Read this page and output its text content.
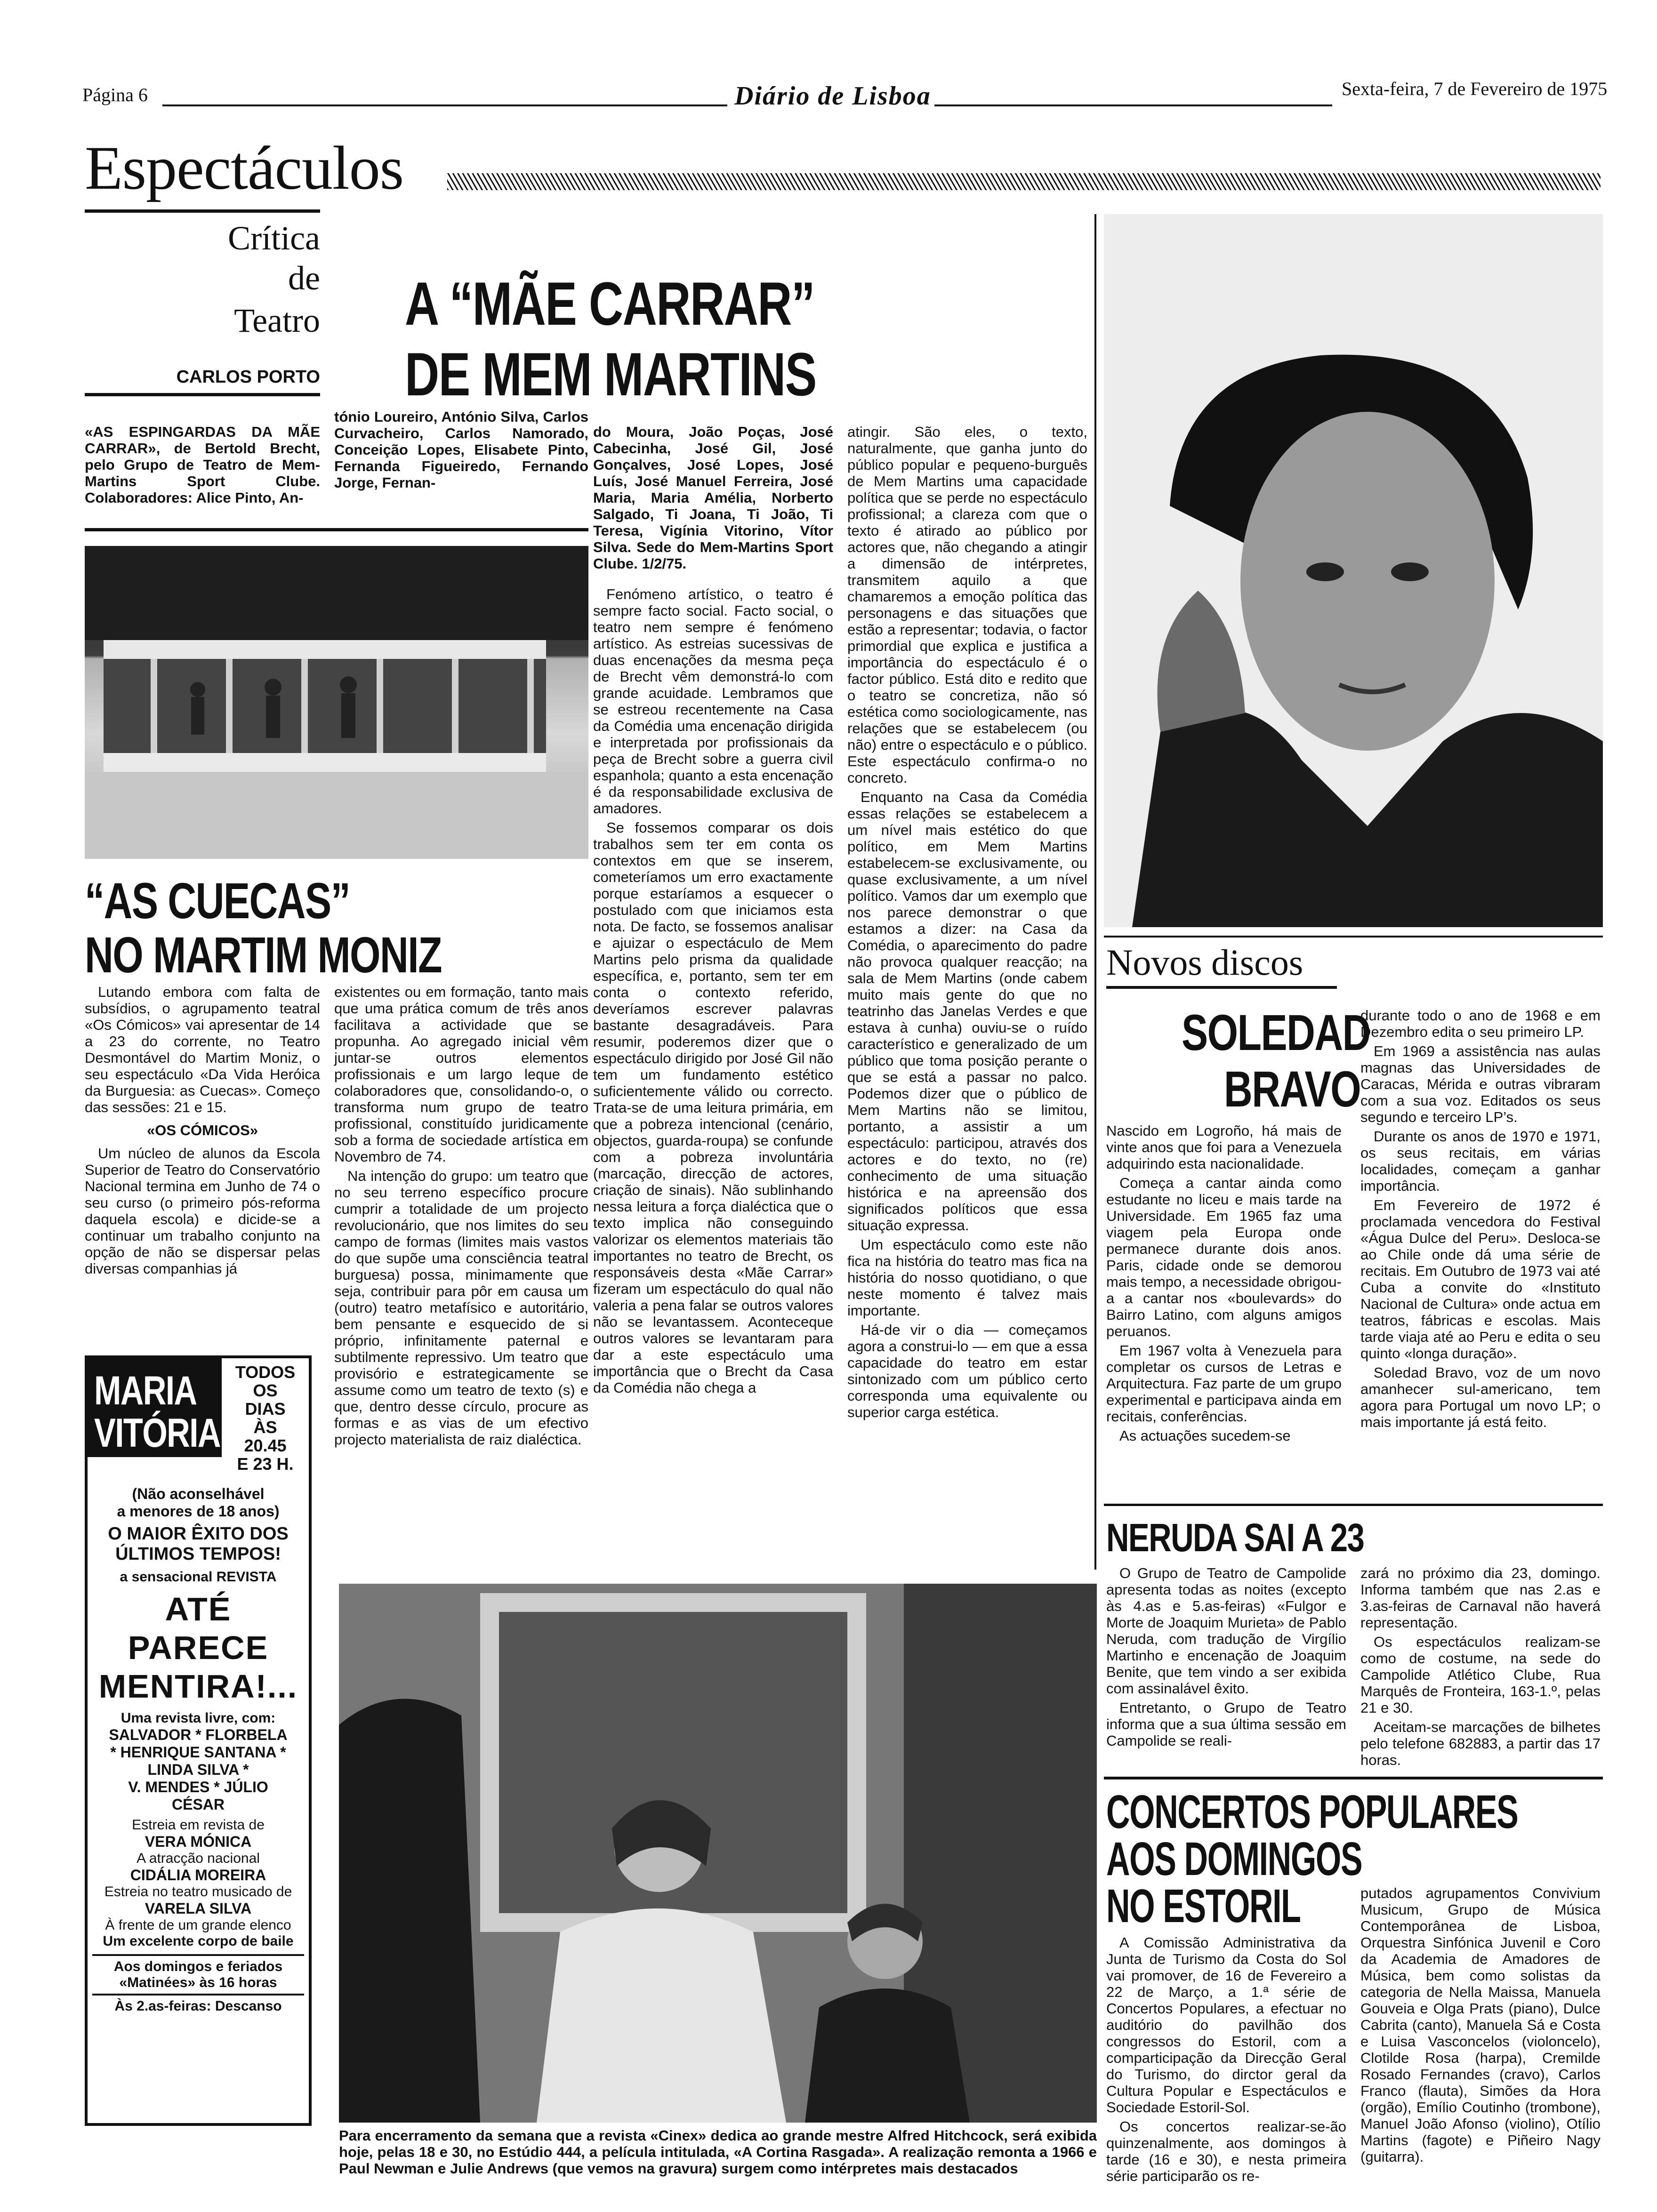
Página 6	Diário de Lisboa	Sexta-feira, 7 de Fevereiro de 1975
Espectáculos
Crítica
de
Teatro
CARLOS PORTO
A “MÃE CARRAR”
DE MEM MARTINS
«AS ESPINGARDAS DA MÃE CARRAR», de Bertold Brecht, pelo Grupo de Teatro de Mem-Martins Sport Clube. Colaboradores: Alice Pinto, An-
tónio Loureiro, António Silva, Carlos Curvacheiro, Carlos Namorado, Conceição Lopes, Elisabete Pinto, Fernanda Figueiredo, Fernando Jorge, Fernan-
“AS CUECAS”
NO MARTIM MONIZ

Lutando embora com falta de subsídios, o agrupamento teatral «Os Cómicos» vai apresentar de 14 a 23 do corrente, no Teatro Desmontável do Martim Moniz, o seu espectáculo «Da Vida Heróica da Burguesia: as Cuecas». Começo das sessões: 21 e 15.

«OS CÓMICOS»

Um núcleo de alunos da Escola Superior de Teatro do Conservatório Nacional termina em Junho de 74 o seu curso (o primeiro pós-reforma daquela escola) e dicide-se a continuar um trabalho conjunto na opção de não se dispersar pelas diversas companhias já

existentes ou em formação, tanto mais que uma prática comum de três anos facilitava a actividade que se propunha. Ao agregado inicial vêm juntar-se outros elementos profissionais e um largo leque de colaboradores que, consolidando-o, o transforma num grupo de teatro profissional, constituído juridicamente sob a forma de sociedade artística em Novembro de 74.

Na intenção do grupo: um teatro que no seu terreno específico procure cumprir a totalidade de um projecto revolucionário, que nos limites do seu campo de formas (limites mais vastos do que supõe uma consciência teatral burguesa) possa, minimamente que seja, contribuir para pôr em causa um (outro) teatro metafísico e autoritário, bem pensante e esquecido de si próprio, infinitamente paternal e subtilmente repressivo. Um teatro que provisório e estrategicamente se assume como um teatro de texto (s) e que, dentro desse círculo, procure as formas e as vias de um efectivo projecto materialista de raiz dialéctica.

do Moura, João Poças, José Cabecinha, José Gil, José Gonçalves, José Lopes, José Luís, José Manuel Ferreira, José Maria, Maria Amélia, Norberto Salgado, Ti Joana, Ti João, Ti Teresa, Vigínia Vitorino, Vítor Silva. Sede do Mem-Martins Sport Clube. 1/2/75.

Fenómeno artístico, o teatro é sempre facto social. Facto social, o teatro nem sempre é fenómeno artístico. As estreias sucessivas de duas encenações da mesma peça de Brecht vêm demonstrá-lo com grande acuidade. Lembramos que se estreou recentemente na Casa da Comédia uma encenação dirigida e interpretada por profissionais da peça de Brecht sobre a guerra civil espanhola; quanto a esta encenação é da responsabilidade exclusiva de amadores.

Se fossemos comparar os dois trabalhos sem ter em conta os contextos em que se inserem, cometeríamos um erro exactamente porque estaríamos a esquecer o postulado com que iniciamos esta nota. De facto, se fossemos analisar e ajuizar o espectáculo de Mem Martins pelo prisma da qualidade específica, e, portanto, sem ter em conta o contexto referido, deveríamos escrever palavras bastante desagradáveis. Para resumir, poderemos dizer que o espectáculo dirigido por José Gil não tem um fundamento estético suficientemente válido ou correcto. Trata-se de uma leitura primária, em que a pobreza intencional (cenário, objectos, guarda-roupa) se confunde com a pobreza involuntária (marcação, direcção de actores, criação de sinais). Não sublinhando nessa leitura a força dialéctica que o texto implica não conseguindo valorizar os elementos materiais tão importantes no teatro de Brecht, os responsáveis desta «Mãe Carrar» fizeram um espectáculo do qual não valeria a pena falar se outros valores não se levantassem. Aconteceque outros valores se levantaram para dar a este espectáculo uma importância que o Brecht da Casa da Comédia não chega a

atingir. São eles, o texto, naturalmente, que ganha junto do público popular e pequeno-burguês de Mem Martins uma capacidade política que se perde no espectáculo profissional; a clareza com que o texto é atirado ao público por actores que, não chegando a atingir a dimensão de intérpretes, transmitem aquilo a que chamaremos a emoção política das personagens e das situações que estão a representar; todavia, o factor primordial que explica e justifica a importância do espectáculo é o factor público. Está dito e redito que o teatro se concretiza, não só estética como sociologicamente, nas relações que se estabelecem (ou não) entre o espectáculo e o público. Este espectáculo confirma-o no concreto.

Enquanto na Casa da Comédia essas relações se estabelecem a um nível mais estético do que político, em Mem Martins estabelecem-se exclusivamente, ou quase exclusivamente, a um nível político. Vamos dar um exemplo que nos parece demonstrar o que estamos a dizer: na Casa da Comédia, o aparecimento do padre não provoca qualquer reacção; na sala de Mem Martins (onde cabem muito mais gente do que no teatrinho das Janelas Verdes e que estava à cunha) ouviu-se o ruído característico e generalizado de um público que toma posição perante o que se está a passar no palco. Podemos dizer que o público de Mem Martins não se limitou, portanto, a assistir a um espectáculo: participou, através dos actores e do texto, no (re) conhecimento de uma situação histórica e na apreensão dos significados políticos que essa situação expressa.

Um espectáculo como este não fica na história do teatro mas fica na história do nosso quotidiano, o que neste momento é talvez mais importante.

Há-de vir o dia — começamos agora a construi-lo — em que a essa capacidade do teatro em estar sintonizado com um público certo corresponda uma equivalente ou superior carga estética.

Novos discos
SOLEDAD
BRAVO

Nascido em Logroño, há mais de vinte anos que foi para a Venezuela adquirindo esta nacionalidade.

Começa a cantar ainda como estudante no liceu e mais tarde na Universidade. Em 1965 faz uma viagem pela Europa onde permanece durante dois anos. Paris, cidade onde se demorou mais tempo, a necessidade obrigou-a a cantar nos «boulevards» do Bairro Latino, com alguns amigos peruanos.

Em 1967 volta à Venezuela para completar os cursos de Letras e Arquitectura. Faz parte de um grupo experimental e participava ainda em recitais, conferências.

As actuações sucedem-se

durante todo o ano de 1968 e em Dezembro edita o seu primeiro LP.

Em 1969 a assistência nas aulas magnas das Universidades de Caracas, Mérida e outras vibraram com a sua voz. Editados os seus segundo e terceiro LP’s.

Durante os anos de 1970 e 1971, os seus recitais, em várias localidades, começam a ganhar importância.

Em Fevereiro de 1972 é proclamada vencedora do Festival «Água Dulce del Peru». Desloca-se ao Chile onde dá uma série de recitais. Em Outubro de 1973 vai até Cuba a convite do «Instituto Nacional de Cultura» onde actua em teatros, fábricas e escolas. Mais tarde viaja até ao Peru e edita o seu quinto «longa duração».

Soledad Bravo, voz de um novo amanhecer sul-americano, tem agora para Portugal um novo LP; o mais importante já está feito.

NERUDA SAI A 23

O Grupo de Teatro de Campolide apresenta todas as noites (excepto às 4.as e 5.as-feiras) «Fulgor e Morte de Joaquim Murieta» de Pablo Neruda, com tradução de Virgílio Martinho e encenação de Joaquim Benite, que tem vindo a ser exibida com assinalável êxito.

Entretanto, o Grupo de Teatro informa que a sua última sessão em Campolide se reali-

zará no próximo dia 23, domingo. Informa também que nas 2.as e 3.as-feiras de Carnaval não haverá representação.

Os espectáculos realizam-se como de costume, na sede do Campolide Atlético Clube, Rua Marquês de Fronteira, 163-1.º, pelas 21 e 30.

Aceitam-se marcações de bilhetes pelo telefone 682883, a partir das 17 horas.

CONCERTOS POPULARES
AOS DOMINGOS
NO ESTORIL

A Comissão Administrativa da Junta de Turismo da Costa do Sol vai promover, de 16 de Fevereiro a 22 de Março, a 1.ª série de Concertos Populares, a efectuar no auditório do pavilhão dos congressos do Estoril, com a comparticipação da Direcção Geral do Turismo, do dirctor geral da Cultura Popular e Espectáculos e Sociedade Estoril-Sol.

Os concertos realizar-se-ão quinzenalmente, aos domingos à tarde (16 e 30), e nesta primeira série participarão os re-

putados agrupamentos Convivium Musicum, Grupo de Música Contemporânea de Lisboa, Orquestra Sinfónica Juvenil e Coro da Academia de Amadores de Música, bem como solistas da categoria de Nella Maissa, Manuela Gouveia e Olga Prats (piano), Dulce Cabrita (canto), Manuela Sá e Costa e Luisa Vasconcelos (violoncelo), Clotilde Rosa (harpa), Cremilde Rosado Fernandes (cravo), Carlos Franco (flauta), Simões da Hora (orgão), Emílio Coutinho (trombone), Manuel João Afonso (violino), Otílio Martins (fagote) e Piñeiro Nagy (guitarra).

Para encerramento da semana que a revista «Cinex» dedica ao grande mestre Alfred Hitchcock, será exibida hoje, pelas 18 e 30, no Estúdio 444, a película intitulada, «A Cortina Rasgada». A realização remonta a 1966 e Paul Newman e Julie Andrews (que vemos na gravura) surgem como intérpretes mais destacados
MARIA VITÓRIA
TODOS
OS
DIAS
ÀS
20.45
E 23 H.
(Não aconselhável
a menores de 18 anos)
O MAIOR ÊXITO DOS
ÚLTIMOS TEMPOS!
a sensacional REVISTA
ATÉ PARECE
MENTIRA!...
Uma revista livre, com:
SALVADOR * FLORBELA
* HENRIQUE SANTANA * LINDA SILVA *
V. MENDES * JÚLIO
CÉSAR
Estreia em revista de
VERA MÓNICA
A atracção nacional
CIDÁLIA MOREIRA
Estreia no teatro musicado de
VARELA SILVA
À frente de um grande elenco
Um excelente corpo de baile
Aos domingos e feriados «Matinées» às 16 horas
Às 2.as-feiras: Descanso
